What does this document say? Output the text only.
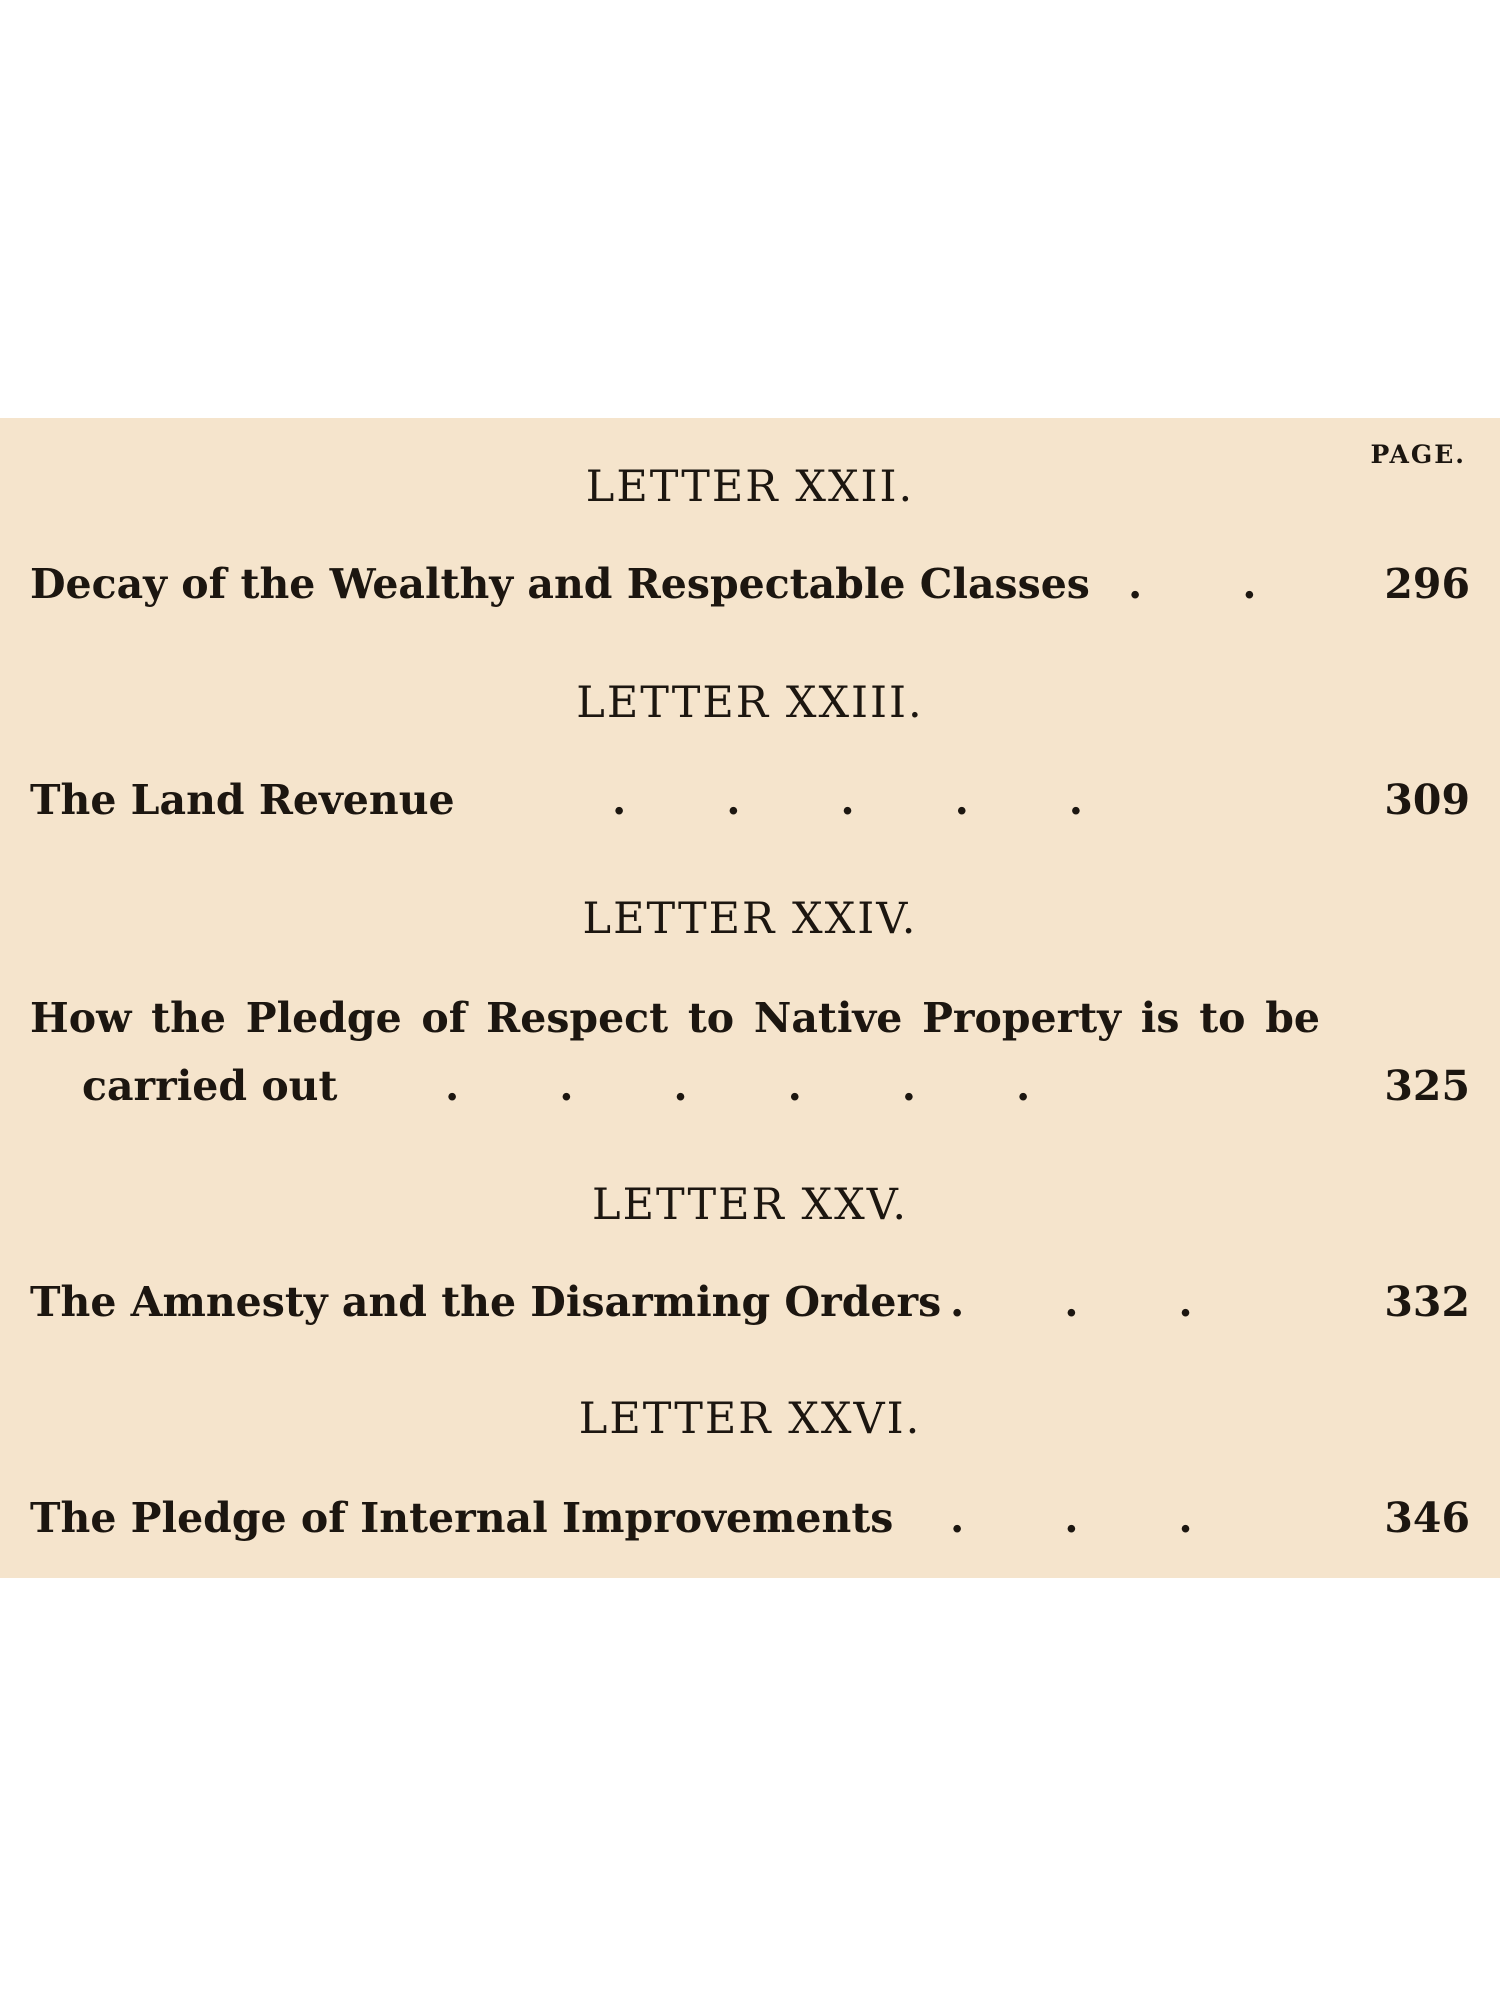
PAGE.
LETTER XXII.
Decay of the Wealthy and Respectable Classes .       .	296
LETTER XXIII.
The Land Revenue	.       .       .       .       .	309
LETTER XXIV.
How the Pledge of Respect to Native Property is to be
carried out	.       .       .       .       .       .	325
LETTER XXV.
The Amnesty and the Disarming Orders .       .       .	332
LETTER XXVI.
The Pledge of Internal Improvements .       .       .	346
